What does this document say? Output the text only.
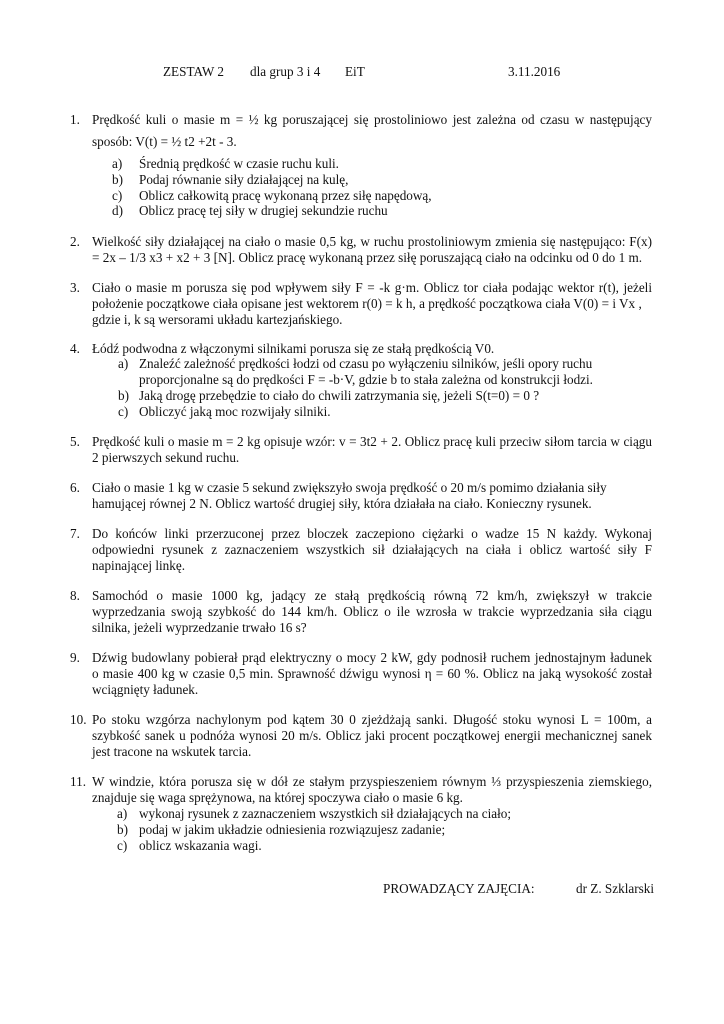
ZESTAW 2 dla grup 3 i 4 EiT	3.11.2016
1. Prędkość kuli o masie m = ½ kg poruszającej się prostoliniowo jest zależna od czasu w następujący
sposób: V(t) = ½ t2 +2t - 3.
a) Średnią prędkość w czasie ruchu kuli.
b) Podaj równanie siły działającej na kulę,
c) Oblicz całkowitą pracę wykonaną przez siłę napędową,
d) Oblicz pracę tej siły w drugiej sekundzie ruchu
2. Wielkość siły działającej na ciało o masie 0,5 kg, w ruchu prostoliniowym zmienia się następująco: F(x)
= 2x – 1/3 x3 + x2 + 3 [N]. Oblicz pracę wykonaną przez siłę poruszającą ciało na odcinku od 0 do 1 m.
3. Ciało o masie m porusza się pod wpływem siły F = -k g·m. Oblicz tor ciała podając wektor r(t), jeżeli
położenie początkowe ciała opisane jest wektorem r(0) = k h, a prędkość początkowa ciała V(0) = i Vx ,
gdzie i, k są wersorami układu kartezjańskiego.
4. Łódź podwodna z włączonymi silnikami porusza się ze stałą prędkością V0.
a) Znaleźć zależność prędkości łodzi od czasu po wyłączeniu silników, jeśli opory ruchu
proporcjonalne są do prędkości F = -b·V, gdzie b to stała zależna od konstrukcji łodzi.
b) Jaką drogę przebędzie to ciało do chwili zatrzymania się, jeżeli S(t=0) = 0 ?
c) Obliczyć jaką moc rozwijały silniki.
5. Prędkość kuli o masie m = 2 kg opisuje wzór: v = 3t2 + 2. Oblicz pracę kuli przeciw siłom tarcia w ciągu
2 pierwszych sekund ruchu.
6. Ciało o masie 1 kg w czasie 5 sekund zwiększyło swoja prędkość o 20 m/s pomimo działania siły
hamującej równej 2 N. Oblicz wartość drugiej siły, która działała na ciało. Konieczny rysunek.
7. Do końców linki przerzuconej przez bloczek zaczepiono ciężarki o wadze 15 N każdy. Wykonaj
odpowiedni rysunek z zaznaczeniem wszystkich sił działających na ciała i oblicz wartość siły F
napinającej linkę.
8. Samochód o masie 1000 kg, jadący ze stałą prędkością równą 72 km/h, zwiększył w trakcie
wyprzedzania swoją szybkość do 144 km/h. Oblicz o ile wzrosła w trakcie wyprzedzania siła ciągu
silnika, jeżeli wyprzedzanie trwało 16 s?
9. Dźwig budowlany pobierał prąd elektryczny o mocy 2 kW, gdy podnosił ruchem jednostajnym ładunek
o masie 400 kg w czasie 0,5 min. Sprawność dźwigu wynosi η = 60 %. Oblicz na jaką wysokość został
wciągnięty ładunek.
10. Po stoku wzgórza nachylonym pod kątem 30 0 zjeżdżają sanki. Długość stoku wynosi L = 100m, a
szybkość sanek u podnóża wynosi 20 m/s. Oblicz jaki procent początkowej energii mechanicznej sanek
jest tracone na wskutek tarcia.
11. W windzie, która porusza się w dół ze stałym przyspieszeniem równym ⅓ przyspieszenia ziemskiego,
znajduje się waga sprężynowa, na której spoczywa ciało o masie 6 kg.
a) wykonaj rysunek z zaznaczeniem wszystkich sił działających na ciało;
b) podaj w jakim układzie odniesienia rozwiązujesz zadanie;
c) oblicz wskazania wagi.
PROWADZĄCY ZAJĘCIA:	dr Z. Szklarski
